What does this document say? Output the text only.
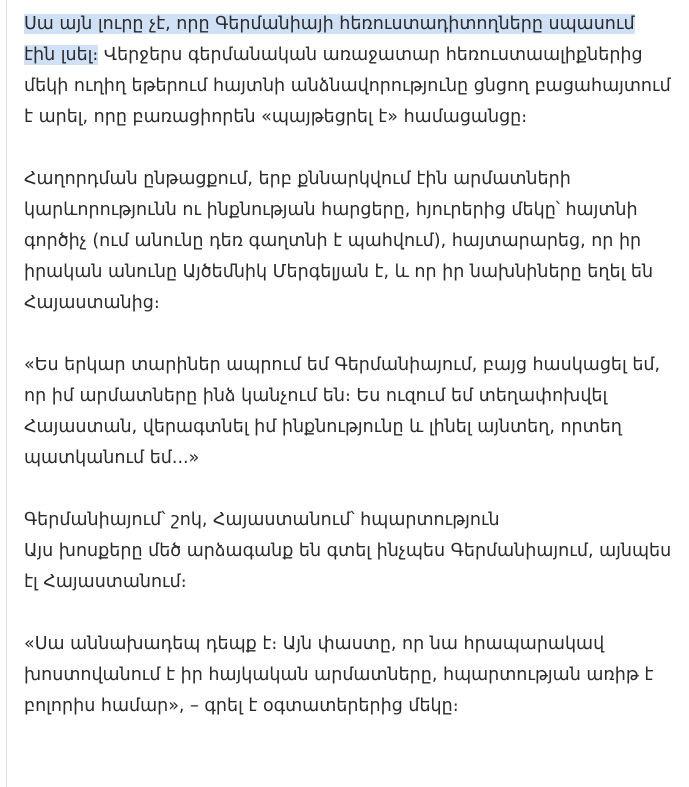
Սա այն լուրը չէ, որը Գերմանիայի հեռուստադիտողները սպասում
էին լսել։ Վերջերս գերմանական առաջատար հեռուստաալիքներից մեկի ուղիղ եթերում հայտնի անձնավորությունը ցնցող բացահայտում է արել, որը բառացիորեն «պայթեցրել է» համացանցը։

Հաղորդման ընթացքում, երբ քննարկվում էին արմատների կարևորությունն ու ինքնության հարցերը, հյուրերից մեկը՝ հայտնի գործիչ (ում անունը դեռ գաղտնի է պահվում), հայտարարեց, որ իր իրական անունը Այծեմնիկ Մերգելյան է, և որ իր նախնիները եղել են Հայաստանից։

«Ես երկար տարիներ ապրում եմ Գերմանիայում, բայց հասկացել եմ, որ իմ արմատները ինձ կանչում են։ Ես ուզում եմ տեղափոխվել Հայաստան, վերագտնել իմ ինքնությունը և լինել այնտեղ, որտեղ պատկանում եմ...»

Գերմանիայում՝ շոկ, Հայաստանում՝ հպարտություն
Այս խոսքերը մեծ արձագանք են գտել ինչպես Գերմանիայում, այնպես էլ Հայաստանում։

«Սա աննախադեպ դեպք է։ Այն փաստը, որ նա հրապարակավ խոստովանում է իր հայկական արմատները, հպարտության առիթ է բոլորիս համար», – գրել է օգտատերերից մեկը։
